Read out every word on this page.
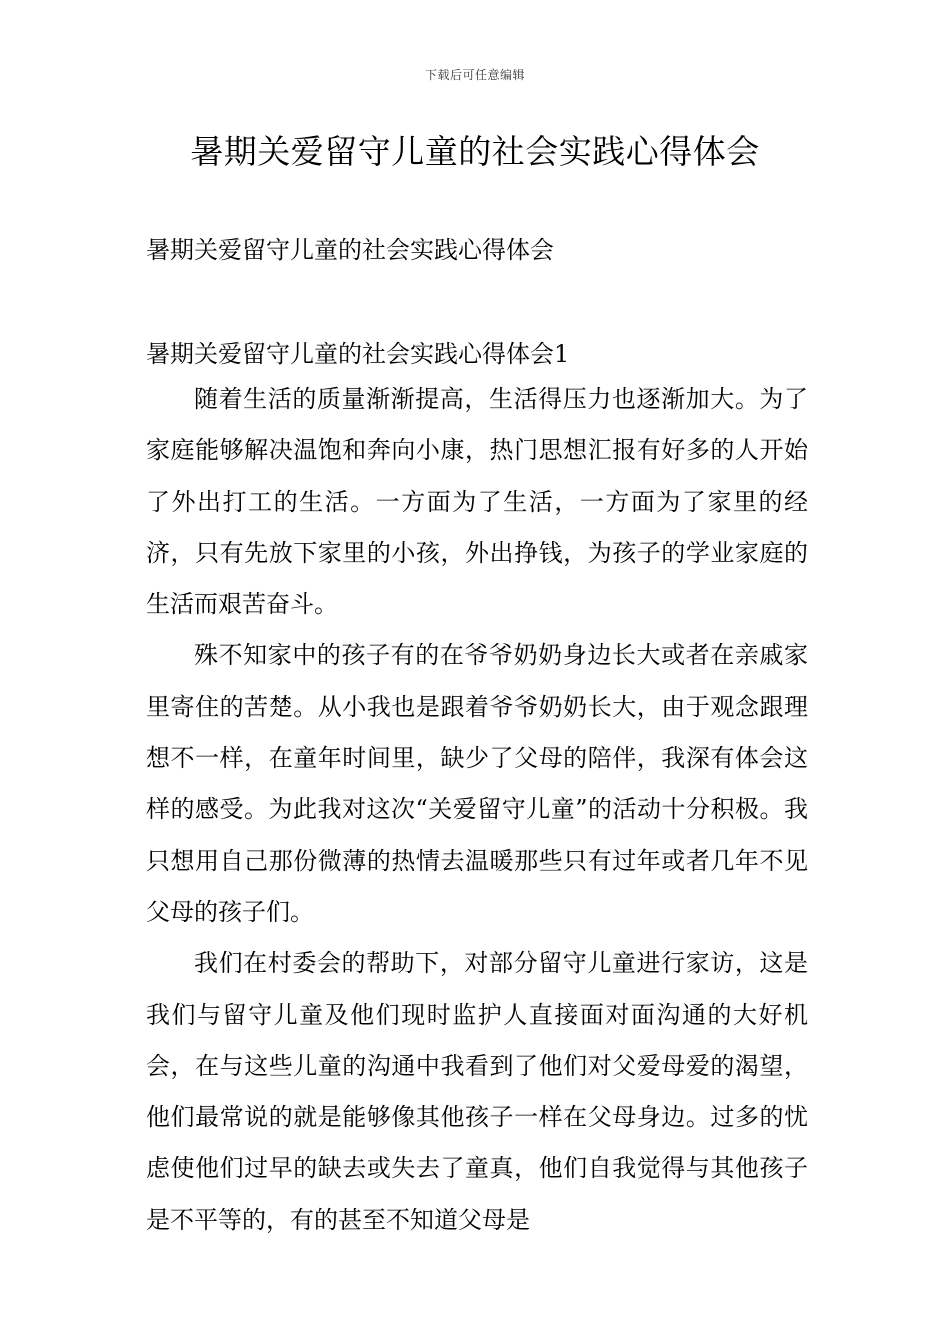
下载后可任意编辑
暑期关爱留守儿童的社会实践心得体会
暑期关爱留守儿童的社会实践心得体会
暑期关爱留守儿童的社会实践心得体会1

随着生活的质量渐渐提高，生活得压力也逐渐加大。为了家庭能够解决温饱和奔向小康，热门思想汇报有好多的人开始了外出打工的生活。一方面为了生活，一方面为了家里的经济，只有先放下家里的小孩，外出挣钱，为孩子的学业家庭的生活而艰苦奋斗。

殊不知家中的孩子有的在爷爷奶奶身边长大或者在亲戚家里寄住的苦楚。从小我也是跟着爷爷奶奶长大，由于观念跟理想不一样，在童年时间里，缺少了父母的陪伴，我深有体会这样的感受。为此我对这次“关爱留守儿童”的活动十分积极。我只想用自己那份微薄的热情去温暖那些只有过年或者几年不见父母的孩子们。

我们在村委会的帮助下，对部分留守儿童进行家访，这是我们与留守儿童及他们现时监护人直接面对面沟通的大好机会，在与这些儿童的沟通中我看到了他们对父爱母爱的渴望，他们最常说的就是能够像其他孩子一样在父母身边。过多的忧虑使他们过早的缺去或失去了童真，他们自我觉得与其他孩子是不平等的，有的甚至不知道父母是
